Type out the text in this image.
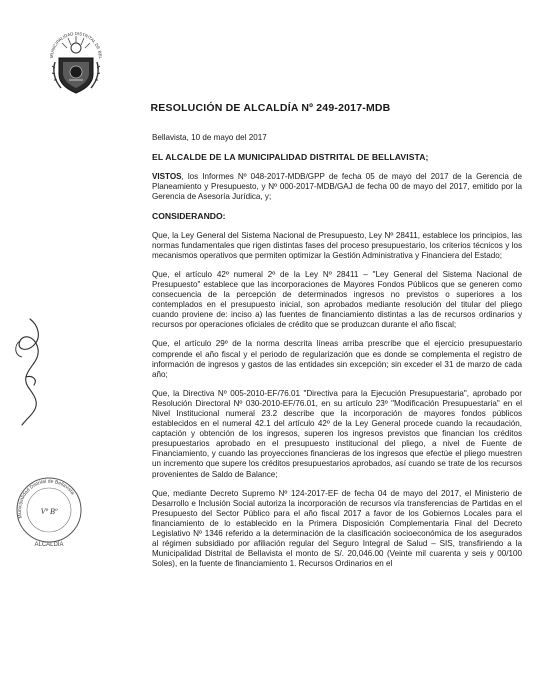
MUNICIPALIDAD DISTRITAL DE BEL
RESOLUCIÓN DE ALCALDÍA Nº 249-2017-MDB

Bellavista, 10 de mayo del 2017

EL ALCALDE DE LA MUNICIPALIDAD DISTRITAL DE BELLAVISTA;

VISTOS, los Informes Nº 048-2017-MDB/GPP de fecha 05 de mayo del 2017 de la Gerencia de Planeamiento y Presupuesto, y Nº 000-2017-MDB/GAJ de fecha 00 de mayo del 2017, emitido por la Gerencia de Asesoría Jurídica, y;

CONSIDERANDO:

Que, la Ley General del Sistema Nacional de Presupuesto, Ley Nº 28411, establece los principios, las normas fundamentales que rigen distintas fases del proceso presupuestario, los criterios técnicos y los mecanismos operativos que permiten optimizar la Gestión Administrativa y Financiera del Estado;

Que, el artículo 42º numeral 2º de la Ley Nº 28411 – "Ley General del Sistema Nacional de Presupuesto" establece que las incorporaciones de Mayores Fondos Públicos que se generen como consecuencia de la percepción de determinados ingresos no previstos o superiores a los contemplados en el presupuesto inicial, son aprobados mediante resolución del titular del pliego cuando proviene de: inciso a) las fuentes de financiamiento distintas a las de recursos ordinarios y recursos por operaciones oficiales de crédito que se produzcan durante el año fiscal;

Que, el artículo 29º de la norma descrita líneas arriba prescribe que el ejercicio presupuestario comprende el año fiscal y el periodo de regularización que es donde se complementa el registro de información de ingresos y gastos de las entidades sin excepción; sin exceder el 31 de marzo de cada año;

Que, la Directiva Nº 005-2010-EF/76.01 "Directiva para la Ejecución Presupuestaria", aprobado por Resolución Directoral Nº 030-2010-EF/76.01, en su artículo 23º "Modificación Presupuestaria" en el Nivel Institucional numeral 23.2 describe que la incorporación de mayores fondos públicos establecidos en el numeral 42.1 del artículo 42º de la Ley General procede cuando la recaudación, captación y obtención de los ingresos, superen los ingresos previstos que financian los créditos presupuestarios aprobado en el presupuesto institucional del pliego, a nivel de Fuente de Financiamiento, y cuando las proyecciones financieras de los ingresos que efectúe el pliego muestren un incremento que supere los créditos presupuestarios aprobados, así cuando se trate de los recursos provenientes de Saldo de Balance;

Que, mediante Decreto Supremo Nº 124-2017-EF de fecha 04 de mayo del 2017, el Ministerio de Desarrollo e Inclusión Social autoriza la incorporación de recursos vía transferencias de Partidas en el Presupuesto del Sector Público para el año fiscal 2017 a favor de los Gobiernos Locales para el financiamiento de lo establecido en la Primera Disposición Complementaria Final del Decreto Legislativo Nº 1346 referido a la determinación de la clasificación socioeconómica de los asegurados al régimen subsidiado por afiliación regular del Seguro Integral de Salud – SIS, transfiriendo a la Municipalidad Distrital de Bellavista el monto de S/. 20,046.00 (Veinte mil cuarenta y seis y 00/100 Soles), en la fuente de financiamiento 1. Recursos Ordinarios en el

Municipalidad Distrital de Bellavista
Vº Bº
ALCALDÍA
